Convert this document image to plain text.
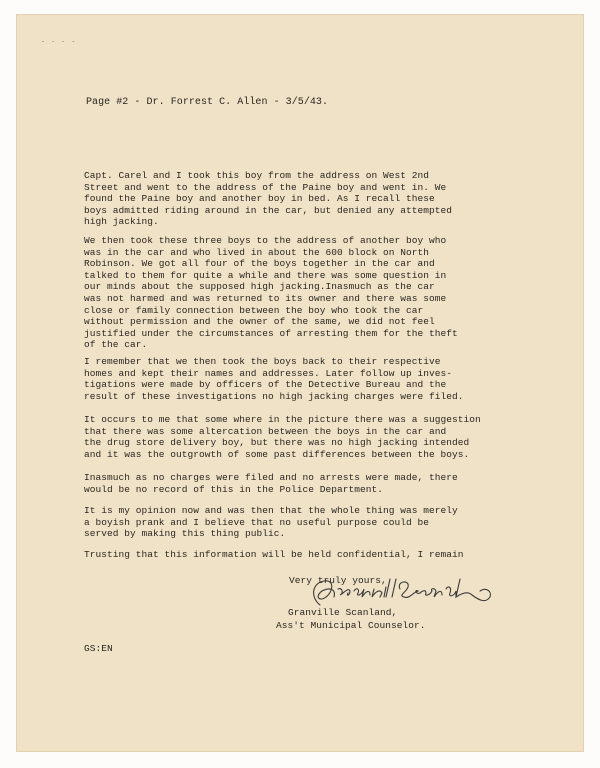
- - - -
Page #2 - Dr. Forrest C. Allen - 3/5/43.
Capt. Carel and I took this boy from the address on West 2nd
Street and went to the address of the Paine boy and went in. We
found the Paine boy and another boy in bed. As I recall these
boys admitted riding around in the car, but denied any attempted
high jacking.
We then took these three boys to the address of another boy who
was in the car and who lived in about the 600 block on North
Robinson. We got all four of the boys together in the car and
talked to them for quite a while and there was some question in
our minds about the supposed high jacking.Inasmuch as the car
was not harmed and was returned to its owner and there was some
close or family connection between the boy who took the car
without permission and the owner of the same, we did not feel
justified under the circumstances of arresting them for the theft
of the car.
I remember that we then took the boys back to their respective
homes and kept their names and addresses. Later follow up inves-
tigations were made by officers of the Detective Bureau and the
result of these investigations no high jacking charges were filed.
It occurs to me that some where in the picture there was a suggestion
that there was some altercation between the boys in the car and
the drug store delivery boy, but there was no high jacking intended
and it was the outgrowth of some past differences between the boys.
Inasmuch as no charges were filed and no arrests were made, there
would be no record of this in the Police Department.
It is my opinion now and was then that the whole thing was merely
a boyish prank and I believe that no useful purpose could be
served by making this thing public.
Trusting that this information will be held confidential, I remain
Very truly yours,
Granville Scanland,
Ass't Municipal Counselor.
GS:EN
